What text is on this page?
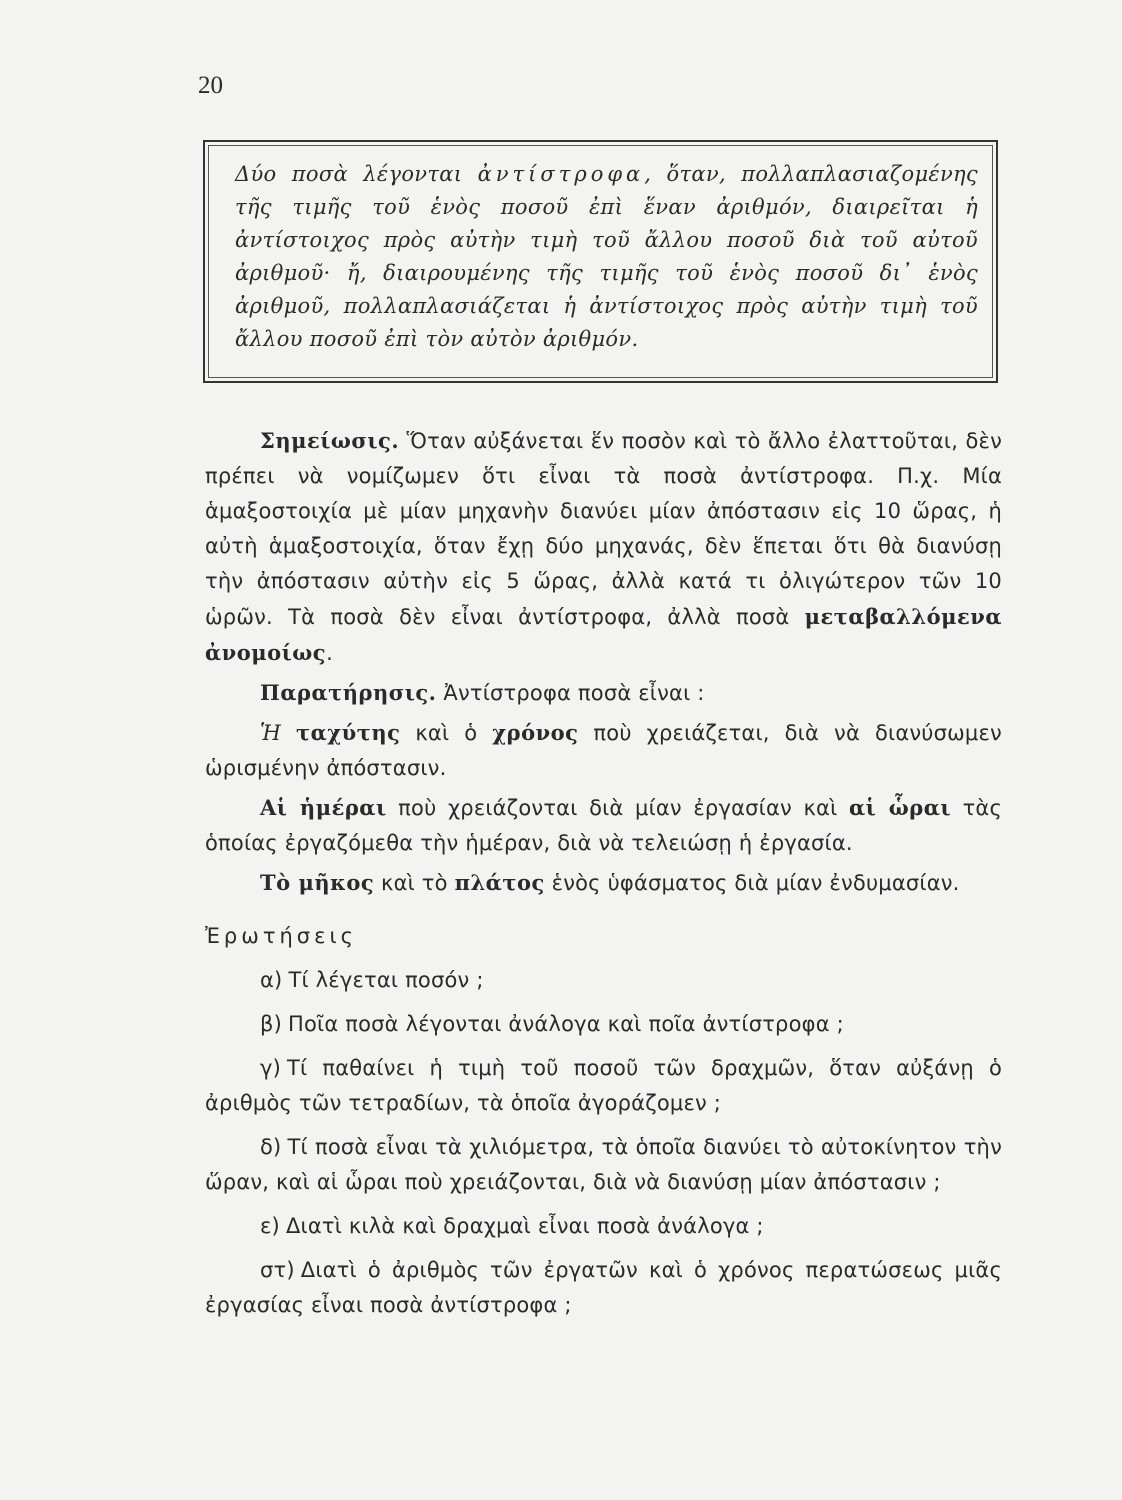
20
Δύο ποσὰ λέγονται ἀντίστροφα, ὅταν, πολλαπλασιαζομένης τῆς τιμῆς τοῦ ἑνὸς ποσοῦ ἐπὶ ἕναν ἀριθμόν, διαιρεῖται ἡ ἀντίστοιχος πρὸς αὐτὴν τιμὴ τοῦ ἄλλου ποσοῦ διὰ τοῦ αὐτοῦ ἀριθμοῦ· ἤ, διαιρουμένης τῆς τιμῆς τοῦ ἑνὸς ποσοῦ δι᾽ ἑνὸς ἀριθμοῦ, πολλαπλασιάζεται ἡ ἀντίστοιχος πρὸς αὐτὴν τιμὴ τοῦ ἄλλου ποσοῦ ἐπὶ τὸν αὐτὸν ἀριθμόν.

Σημείωσις. Ὅταν αὐξάνεται ἕν ποσὸν καὶ τὸ ἄλλο ἐλαττοῦται, δὲν πρέπει νὰ νομίζωμεν ὅτι εἶναι τὰ ποσὰ ἀντίστροφα. Π.χ. Μία ἁμαξοστοιχία μὲ μίαν μηχανὴν διανύει μίαν ἀπόστασιν εἰς 10 ὥρας, ἡ αὐτὴ ἁμαξοστοιχία, ὅταν ἔχῃ δύο μηχανάς, δὲν ἕπεται ὅτι θὰ διανύσῃ τὴν ἀπόστασιν αὐτὴν εἰς 5 ὥρας, ἀλλὰ κατά τι ὀλιγώτερον τῶν 10 ὡρῶν. Τὰ ποσὰ δὲν εἶναι ἀντίστροφα, ἀλλὰ ποσὰ μεταβαλλόμενα ἀνομοίως.

Παρατήρησις. Ἀντίστροφα ποσὰ εἶναι :

Ἡ ταχύτης καὶ ὁ χρόνος ποὺ χρειάζεται, διὰ νὰ διανύσωμεν ὡρισμένην ἀπόστασιν.

Αἱ ἡμέραι ποὺ χρειάζονται διὰ μίαν ἐργασίαν καὶ αἱ ὧραι τὰς ὁποίας ἐργαζόμεθα τὴν ἡμέραν, διὰ νὰ τελειώσῃ ἡ ἐργασία.

Τὸ μῆκος καὶ τὸ πλάτος ἑνὸς ὑφάσματος διὰ μίαν ἐνδυμασίαν.

Ἐρωτήσεις

α) Τί λέγεται ποσόν ;

β) Ποῖα ποσὰ λέγονται ἀνάλογα καὶ ποῖα ἀντίστροφα ;

γ) Τί παθαίνει ἡ τιμὴ τοῦ ποσοῦ τῶν δραχμῶν, ὅταν αὐξάνῃ ὁ ἀριθμὸς τῶν τετραδίων, τὰ ὁποῖα ἀγοράζομεν ;

δ) Τί ποσὰ εἶναι τὰ χιλιόμετρα, τὰ ὁποῖα διανύει τὸ αὐτοκίνητον τὴν ὥραν, καὶ αἱ ὧραι ποὺ χρειάζονται, διὰ νὰ διανύσῃ μίαν ἀπόστασιν ;

ε) Διατὶ κιλὰ καὶ δραχμαὶ εἶναι ποσὰ ἀνάλογα ;

στ) Διατὶ ὁ ἀριθμὸς τῶν ἐργατῶν καὶ ὁ χρόνος περατώσεως μιᾶς ἐργασίας εἶναι ποσὰ ἀντίστροφα ;
